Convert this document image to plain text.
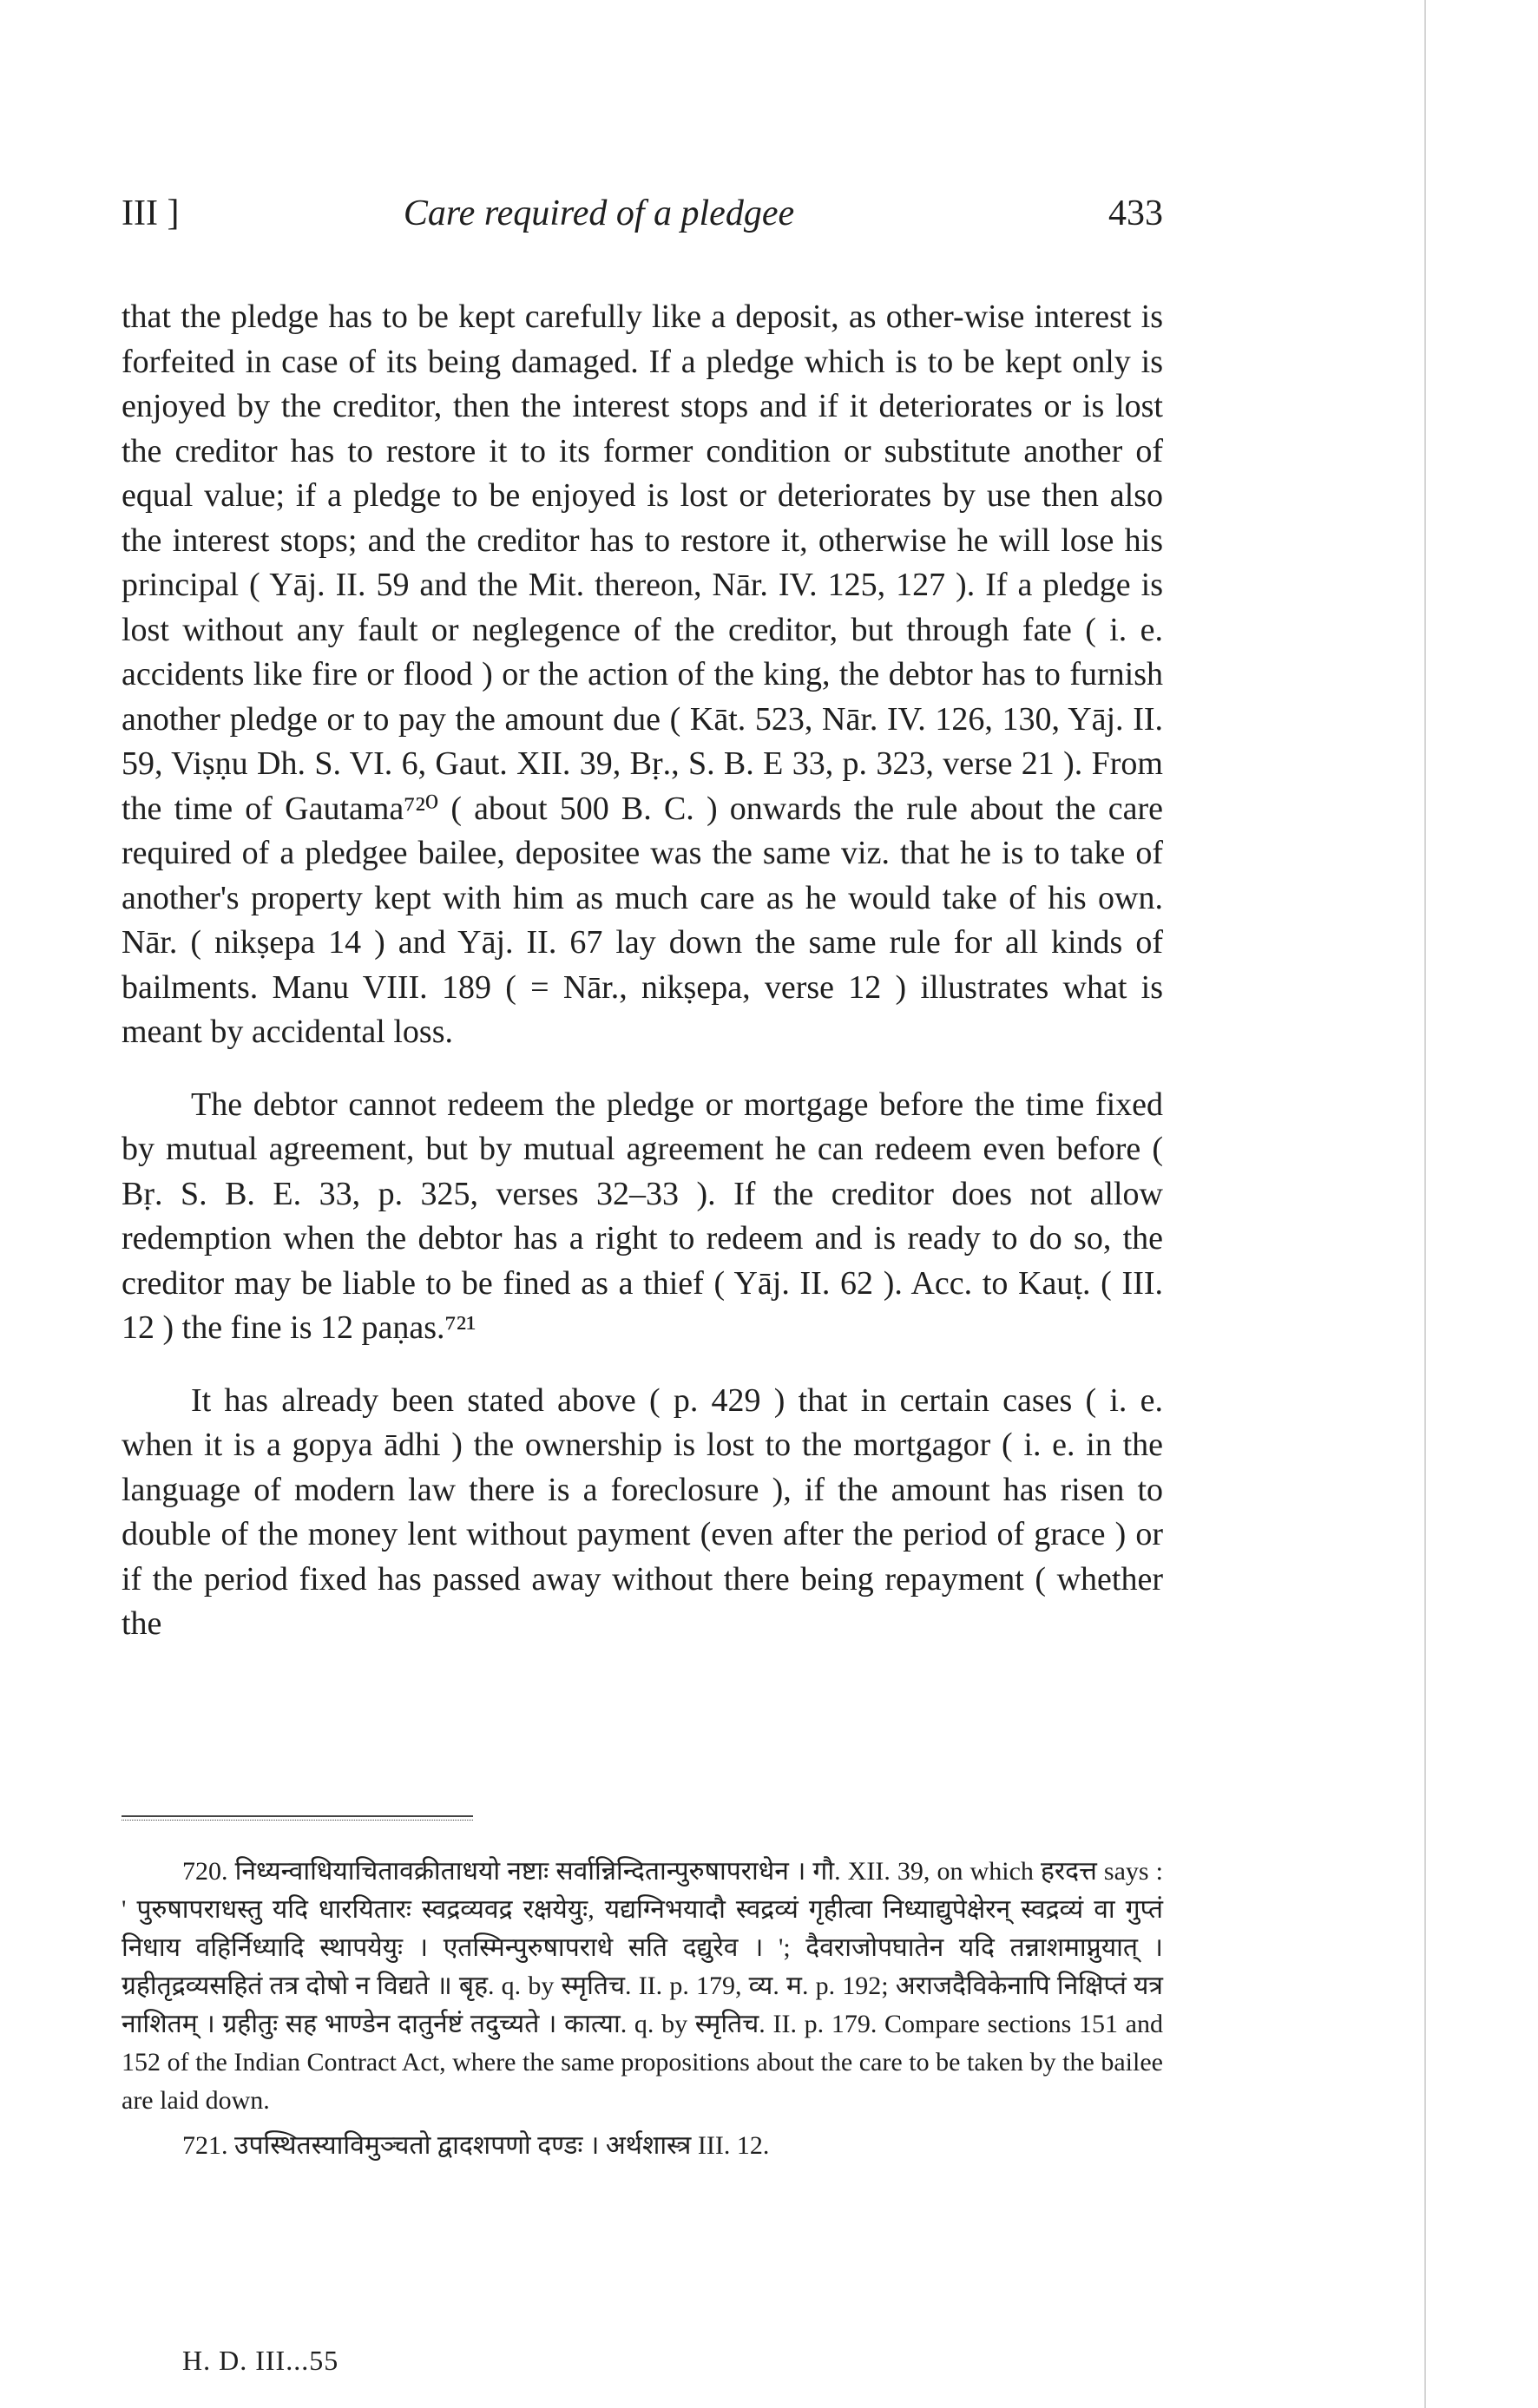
III ]	Care required of a pledgee	433

that the pledge has to be kept carefully like a deposit, as other-wise interest is forfeited in case of its being damaged. If a pledge which is to be kept only is enjoyed by the creditor, then the interest stops and if it deteriorates or is lost the creditor has to restore it to its former condition or substitute another of equal value; if a pledge to be enjoyed is lost or deteriorates by use then also the interest stops; and the creditor has to restore it, otherwise he will lose his principal ( Yāj. II. 59 and the Mit. thereon, Nār. IV. 125, 127 ). If a pledge is lost without any fault or neglegence of the creditor, but through fate ( i. e. accidents like fire or flood ) or the action of the king, the debtor has to furnish another pledge or to pay the amount due ( Kāt. 523, Nār. IV. 126, 130, Yāj. II. 59, Viṣṇu Dh. S. VI. 6, Gaut. XII. 39, Bṛ., S. B. E 33, p. 323, verse 21 ). From the time of Gautama⁷²⁰ ( about 500 B. C. ) onwards the rule about the care required of a pledgee bailee, depositee was the same viz. that he is to take of another's property kept with him as much care as he would take of his own. Nār. ( nikṣepa 14 ) and Yāj. II. 67 lay down the same rule for all kinds of bailments. Manu VIII. 189 ( = Nār., nikṣepa, verse 12 ) illustrates what is meant by accidental loss.

The debtor cannot redeem the pledge or mortgage before the time fixed by mutual agreement, but by mutual agreement he can redeem even before ( Bṛ. S. B. E. 33, p. 325, verses 32–33 ). If the creditor does not allow redemption when the debtor has a right to redeem and is ready to do so, the creditor may be liable to be fined as a thief ( Yāj. II. 62 ). Acc. to Kauṭ. ( III. 12 ) the fine is 12 paṇas.⁷²¹

It has already been stated above ( p. 429 ) that in certain cases ( i. e. when it is a gopya ādhi ) the ownership is lost to the mortgagor ( i. e. in the language of modern law there is a foreclosure ), if the amount has risen to double of the money lent without payment (even after the period of grace ) or if the period fixed has passed away without there being repayment ( whether the

720. निध्यन्वाधियाचितावक्रीताधयो नष्टाः सर्वान्निन्दितान्पुरुषापराधेन । गौ. XII. 39, on which हरदत्त says : ' पुरुषापराधस्तु यदि धारयितारः स्वद्रव्यवद्र रक्षयेयुः, यद्यग्निभयादौ स्वद्रव्यं गृहीत्वा निध्याद्युपेक्षेरन् स्वद्रव्यं वा गुप्तं निधाय वहिर्निध्यादि स्थापयेयुः । एतस्मिन्पुरुषापराधे सति दद्युरेव । '; दैवराजोपघातेन यदि तन्नाशमाप्नुयात् । ग्रहीतृद्रव्यसहितं तत्र दोषो न विद्यते ॥ बृह. q. by स्मृतिच. II. p. 179, व्य. म. p. 192; अराजदैविकेनापि निक्षिप्तं यत्र नाशितम् । ग्रहीतुः सह भाण्डेन दातुर्नष्टं तदुच्यते । कात्या. q. by स्मृतिच. II. p. 179. Compare sections 151 and 152 of the Indian Contract Act, where the same propositions about the care to be taken by the bailee are laid down.

721. उपस्थितस्याविमुञ्चतो द्वादशपणो दण्डः । अर्थशास्त्र III. 12.

H. D. III...55
